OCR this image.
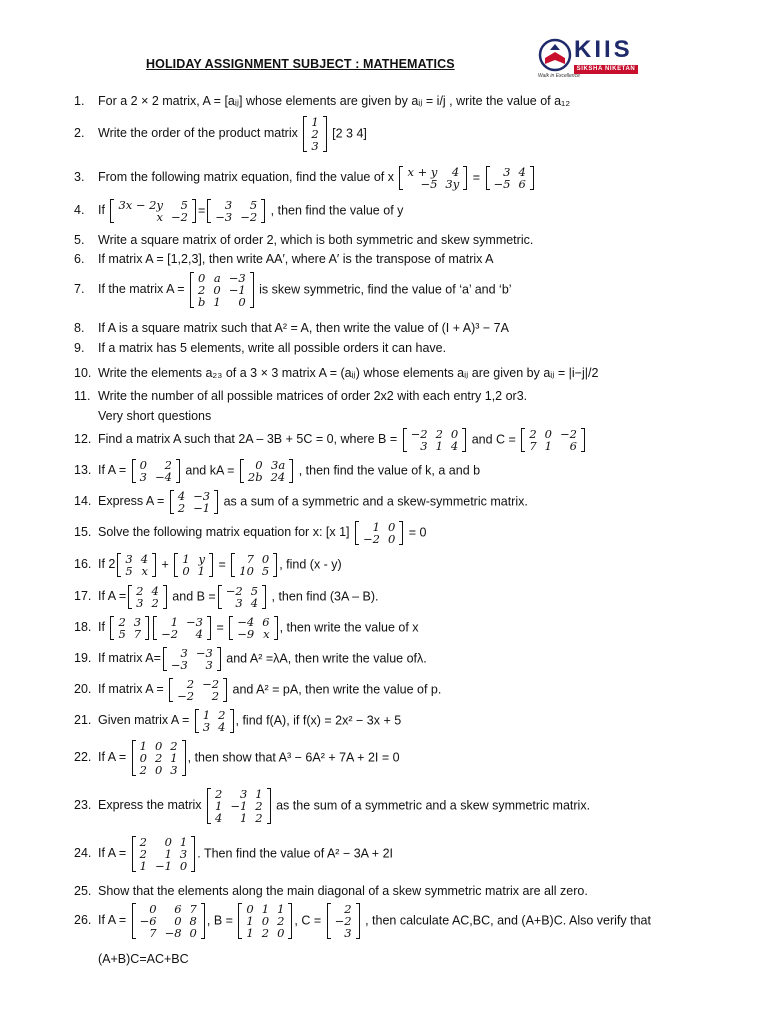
HOLIDAY ASSIGNMENT SUBJECT : MATHEMATICS
KIIS
SIKSHA NIKETAN
Walk in Excellence
1. For a 2 × 2 matrix, A = [aᵢⱼ] whose elements are given by aᵢⱼ = i/j , write the value of a₁₂
2. Write the order of the product matrix
1
2
3
[2 3 4]
3. From the following matrix equation, find the value of x x + y	4
−5	3y = 3	4
−5	6
4. If 3x − 2y	5
x	−2 = 3	5
−3	−2 , then find the value of y
5. Write a square matrix of order 2, which is both symmetric and skew symmetric.
6. If matrix A = [1,2,3], then write AA′, where A′ is the transpose of matrix A
7. If the matrix A =
0	a	−3
2	0	−1
b	1	0
is skew symmetric, find the value of ‘a’ and ‘b’
8. If A is a square matrix such that A² = A, then write the value of (I + A)³ − 7A
9. If a matrix has 5 elements, write all possible orders it can have.
10. Write the elements a₂₃ of a 3 × 3 matrix A = (aᵢⱼ) whose elements aᵢⱼ are given by aᵢⱼ = |i−j|/2
11. Write the number of all possible matrices of order 2x2 with each entry 1,2 or3.
Very short questions
12. Find a matrix A such that 2A – 3B + 5C = 0, where B = −2	2	0
3	1	4 and C = 2	0	−2
7	1	6
13. If A = 0	2
3	−4 and kA = 0	3a
2b	24 , then find the value of k, a and b
14. Express A = 4	−3
2	−1 as a sum of a symmetric and a skew-symmetric matrix.
15. Solve the following matrix equation for x: [x 1] 1	0
−2	0 = 0
16. If 2 3	4
5	x + 1	y
0	1 = 7	0
10	5 , find (x - y)
17. If A = 2	4
3	2 and B = −2	5
3	4 , then find (3A – B).
18. If 2	3
5	7
1	−3
−2	4 = −4	6
−9	x , then write the value of x
19. If matrix A= 3	−3
−3	3 and A² =λA, then write the value ofλ.
20. If matrix A = 2	−2
−2	2 and A² = pA, then write the value of p.
21. Given matrix A = 1	2
3	4 , find f(A), if f(x) = 2x² − 3x + 5
22. If A =
1	0	2
0	2	1
2	0	3
, then show that A³ − 6A² + 7A + 2I = 0
23. Express the matrix
2	3	1
1	−1	2
4	1	2
as the sum of a symmetric and a skew symmetric matrix.
24. If A =
2	0	1
2	1	3
1	−1	0
. Then find the value of A² − 3A + 2I
25. Show that the elements along the main diagonal of a skew symmetric matrix are all zero.
26. If A =
0	6	7
−6	0	8
7	−8	0
, B =
0	1	1
1	0	2
1	2	0
, C =
2
−2
3
, then calculate AC,BC, and (A+B)C. Also verify that
(A+B)C=AC+BC
